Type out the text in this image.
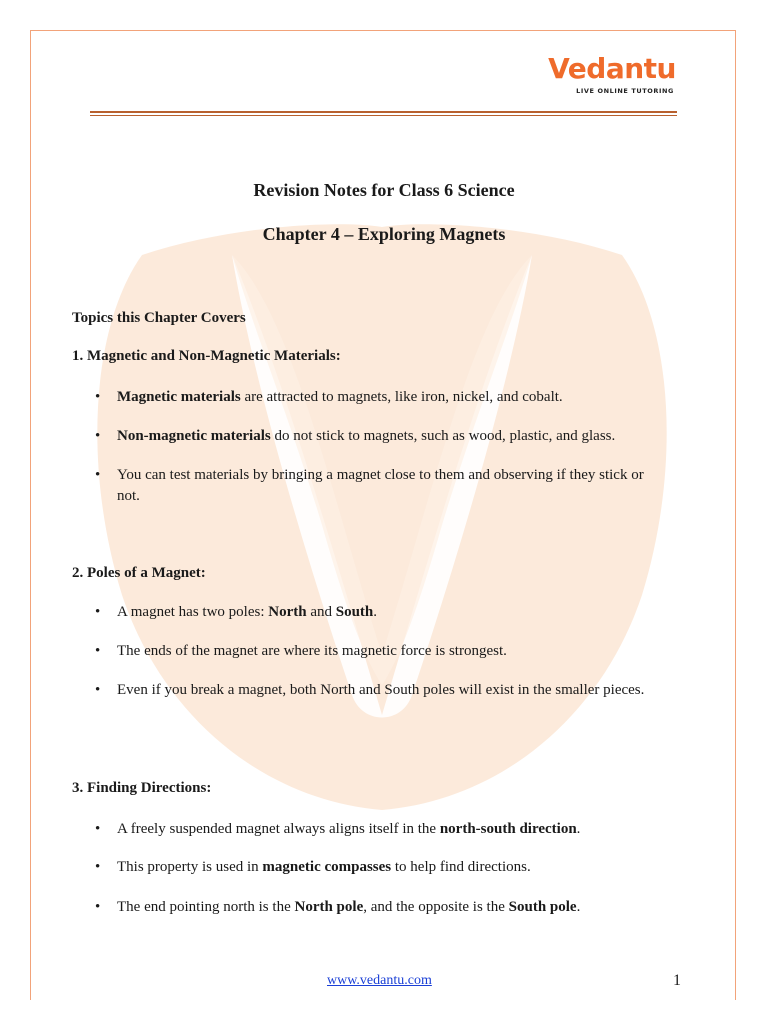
Vedantu
LIVE ONLINE TUTORING
Revision Notes for Class 6 Science
Chapter 4 – Exploring Magnets
Topics this Chapter Covers
1. Magnetic and Non-Magnetic Materials:
• Magnetic materials are attracted to magnets, like iron, nickel, and cobalt.
• Non-magnetic materials do not stick to magnets, such as wood, plastic, and glass.
• You can test materials by bringing a magnet close to them and observing if they stick or not.
2. Poles of a Magnet:
• A magnet has two poles: North and South.
• The ends of the magnet are where its magnetic force is strongest.
• Even if you break a magnet, both North and South poles will exist in the smaller pieces.
3. Finding Directions:
• A freely suspended magnet always aligns itself in the north-south direction.
• This property is used in magnetic compasses to help find directions.
• The end pointing north is the North pole, and the opposite is the South pole.
www.vedantu.com	1
